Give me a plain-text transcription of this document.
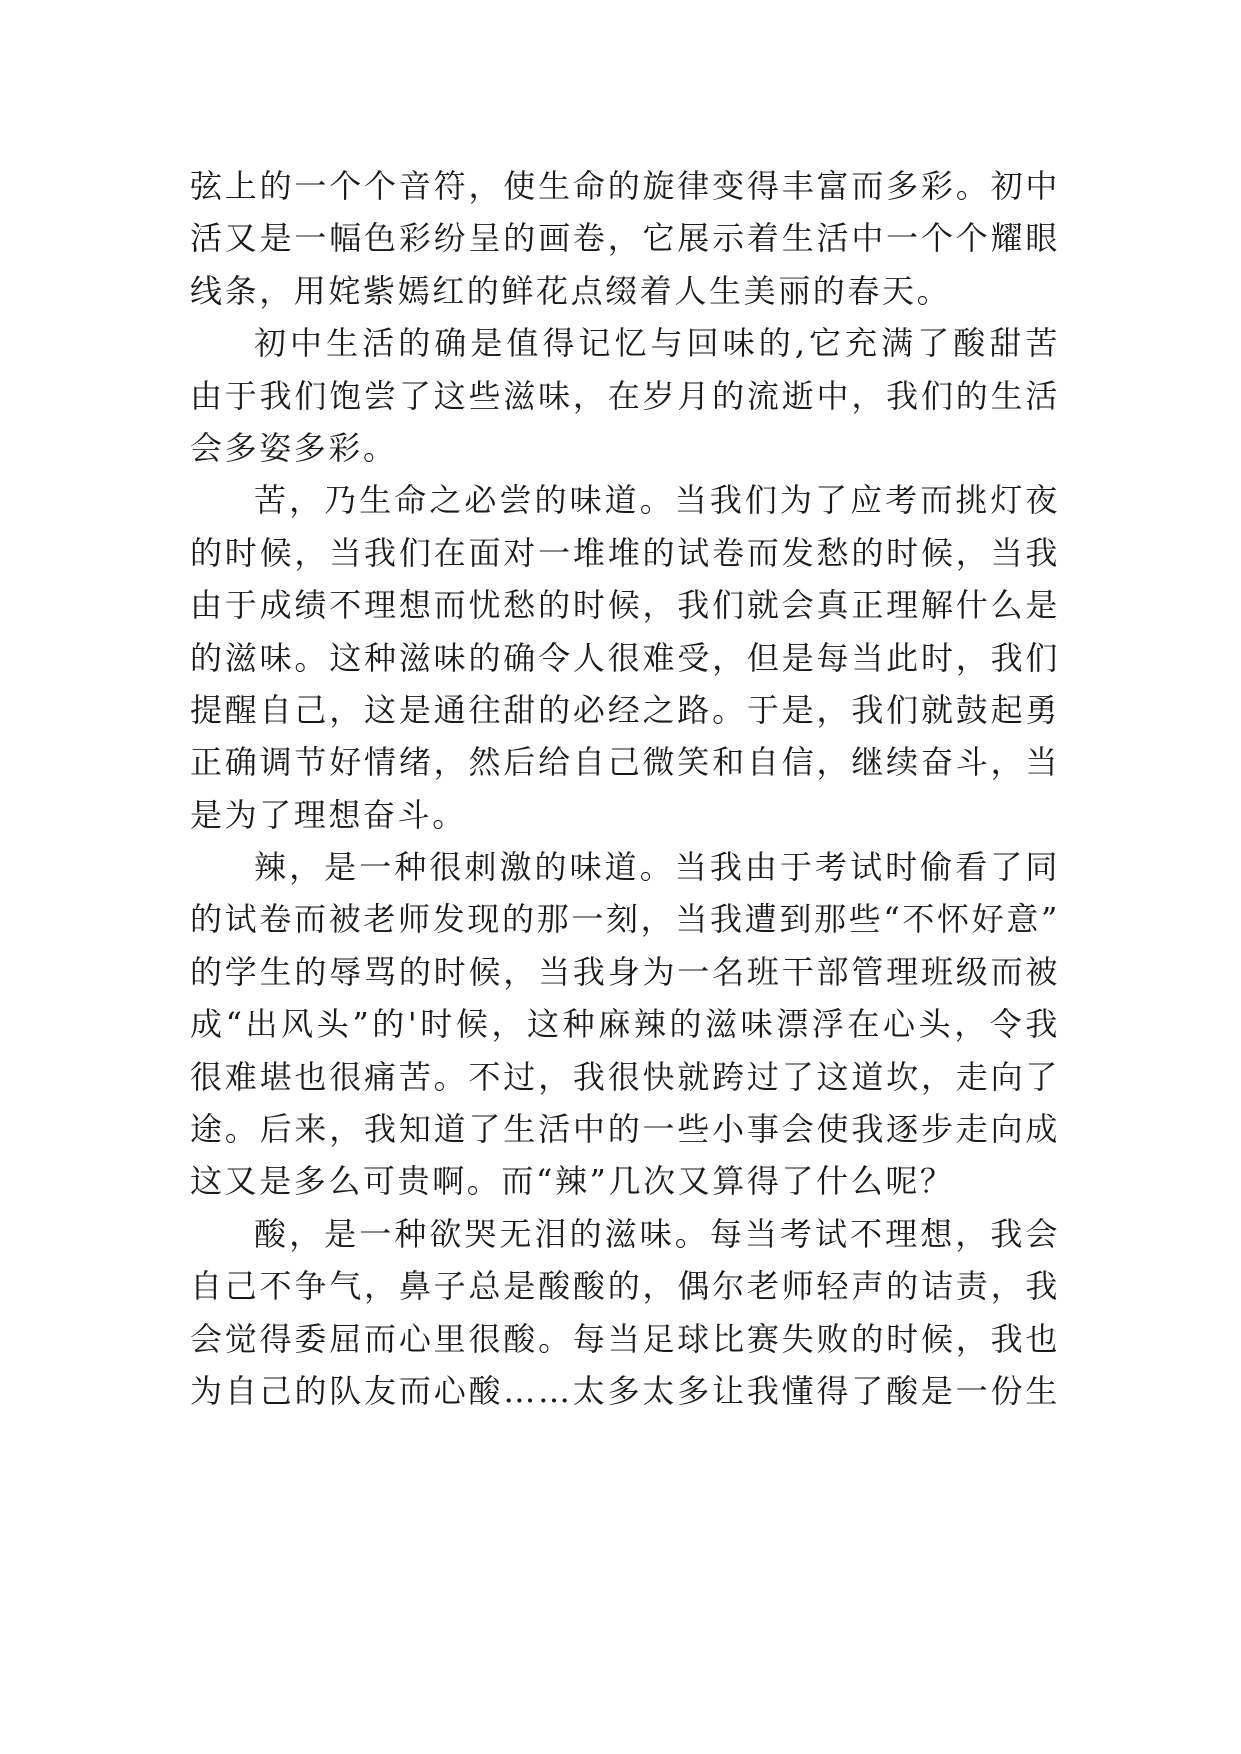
弦上的一个个音符，使生命的旋律变得丰富而多彩。初中
活又是一幅色彩纷呈的画卷，它展示着生活中一个个耀眼
线条，用姹紫嫣红的鲜花点缀着人生美丽的春天。
初中生活的确是值得记忆与回味的,它充满了酸甜苦
由于我们饱尝了这些滋味，在岁月的流逝中，我们的生活
会多姿多彩。
苦，乃生命之必尝的味道。当我们为了应考而挑灯夜
的时候，当我们在面对一堆堆的试卷而发愁的时候，当我
由于成绩不理想而忧愁的时候，我们就会真正理解什么是
的滋味。这种滋味的确令人很难受，但是每当此时，我们
提醒自己，这是通往甜的必经之路。于是，我们就鼓起勇
正确调节好情绪，然后给自己微笑和自信，继续奋斗，当
是为了理想奋斗。
辣，是一种很刺激的味道。当我由于考试时偷看了同
的试卷而被老师发现的那一刻，当我遭到那些“不怀好意”
的学生的辱骂的时候，当我身为一名班干部管理班级而被
成“出风头”的'时候，这种麻辣的滋味漂浮在心头，令我
很难堪也很痛苦。不过，我很快就跨过了这道坎，走向了
途。后来，我知道了生活中的一些小事会使我逐步走向成
这又是多么可贵啊。而“辣”几次又算得了什么呢？
酸，是一种欲哭无泪的滋味。每当考试不理想，我会
自己不争气，鼻子总是酸酸的，偶尔老师轻声的诘责，我
会觉得委屈而心里很酸。每当足球比赛失败的时候，我也
为自己的队友而心酸……太多太多让我懂得了酸是一份生
